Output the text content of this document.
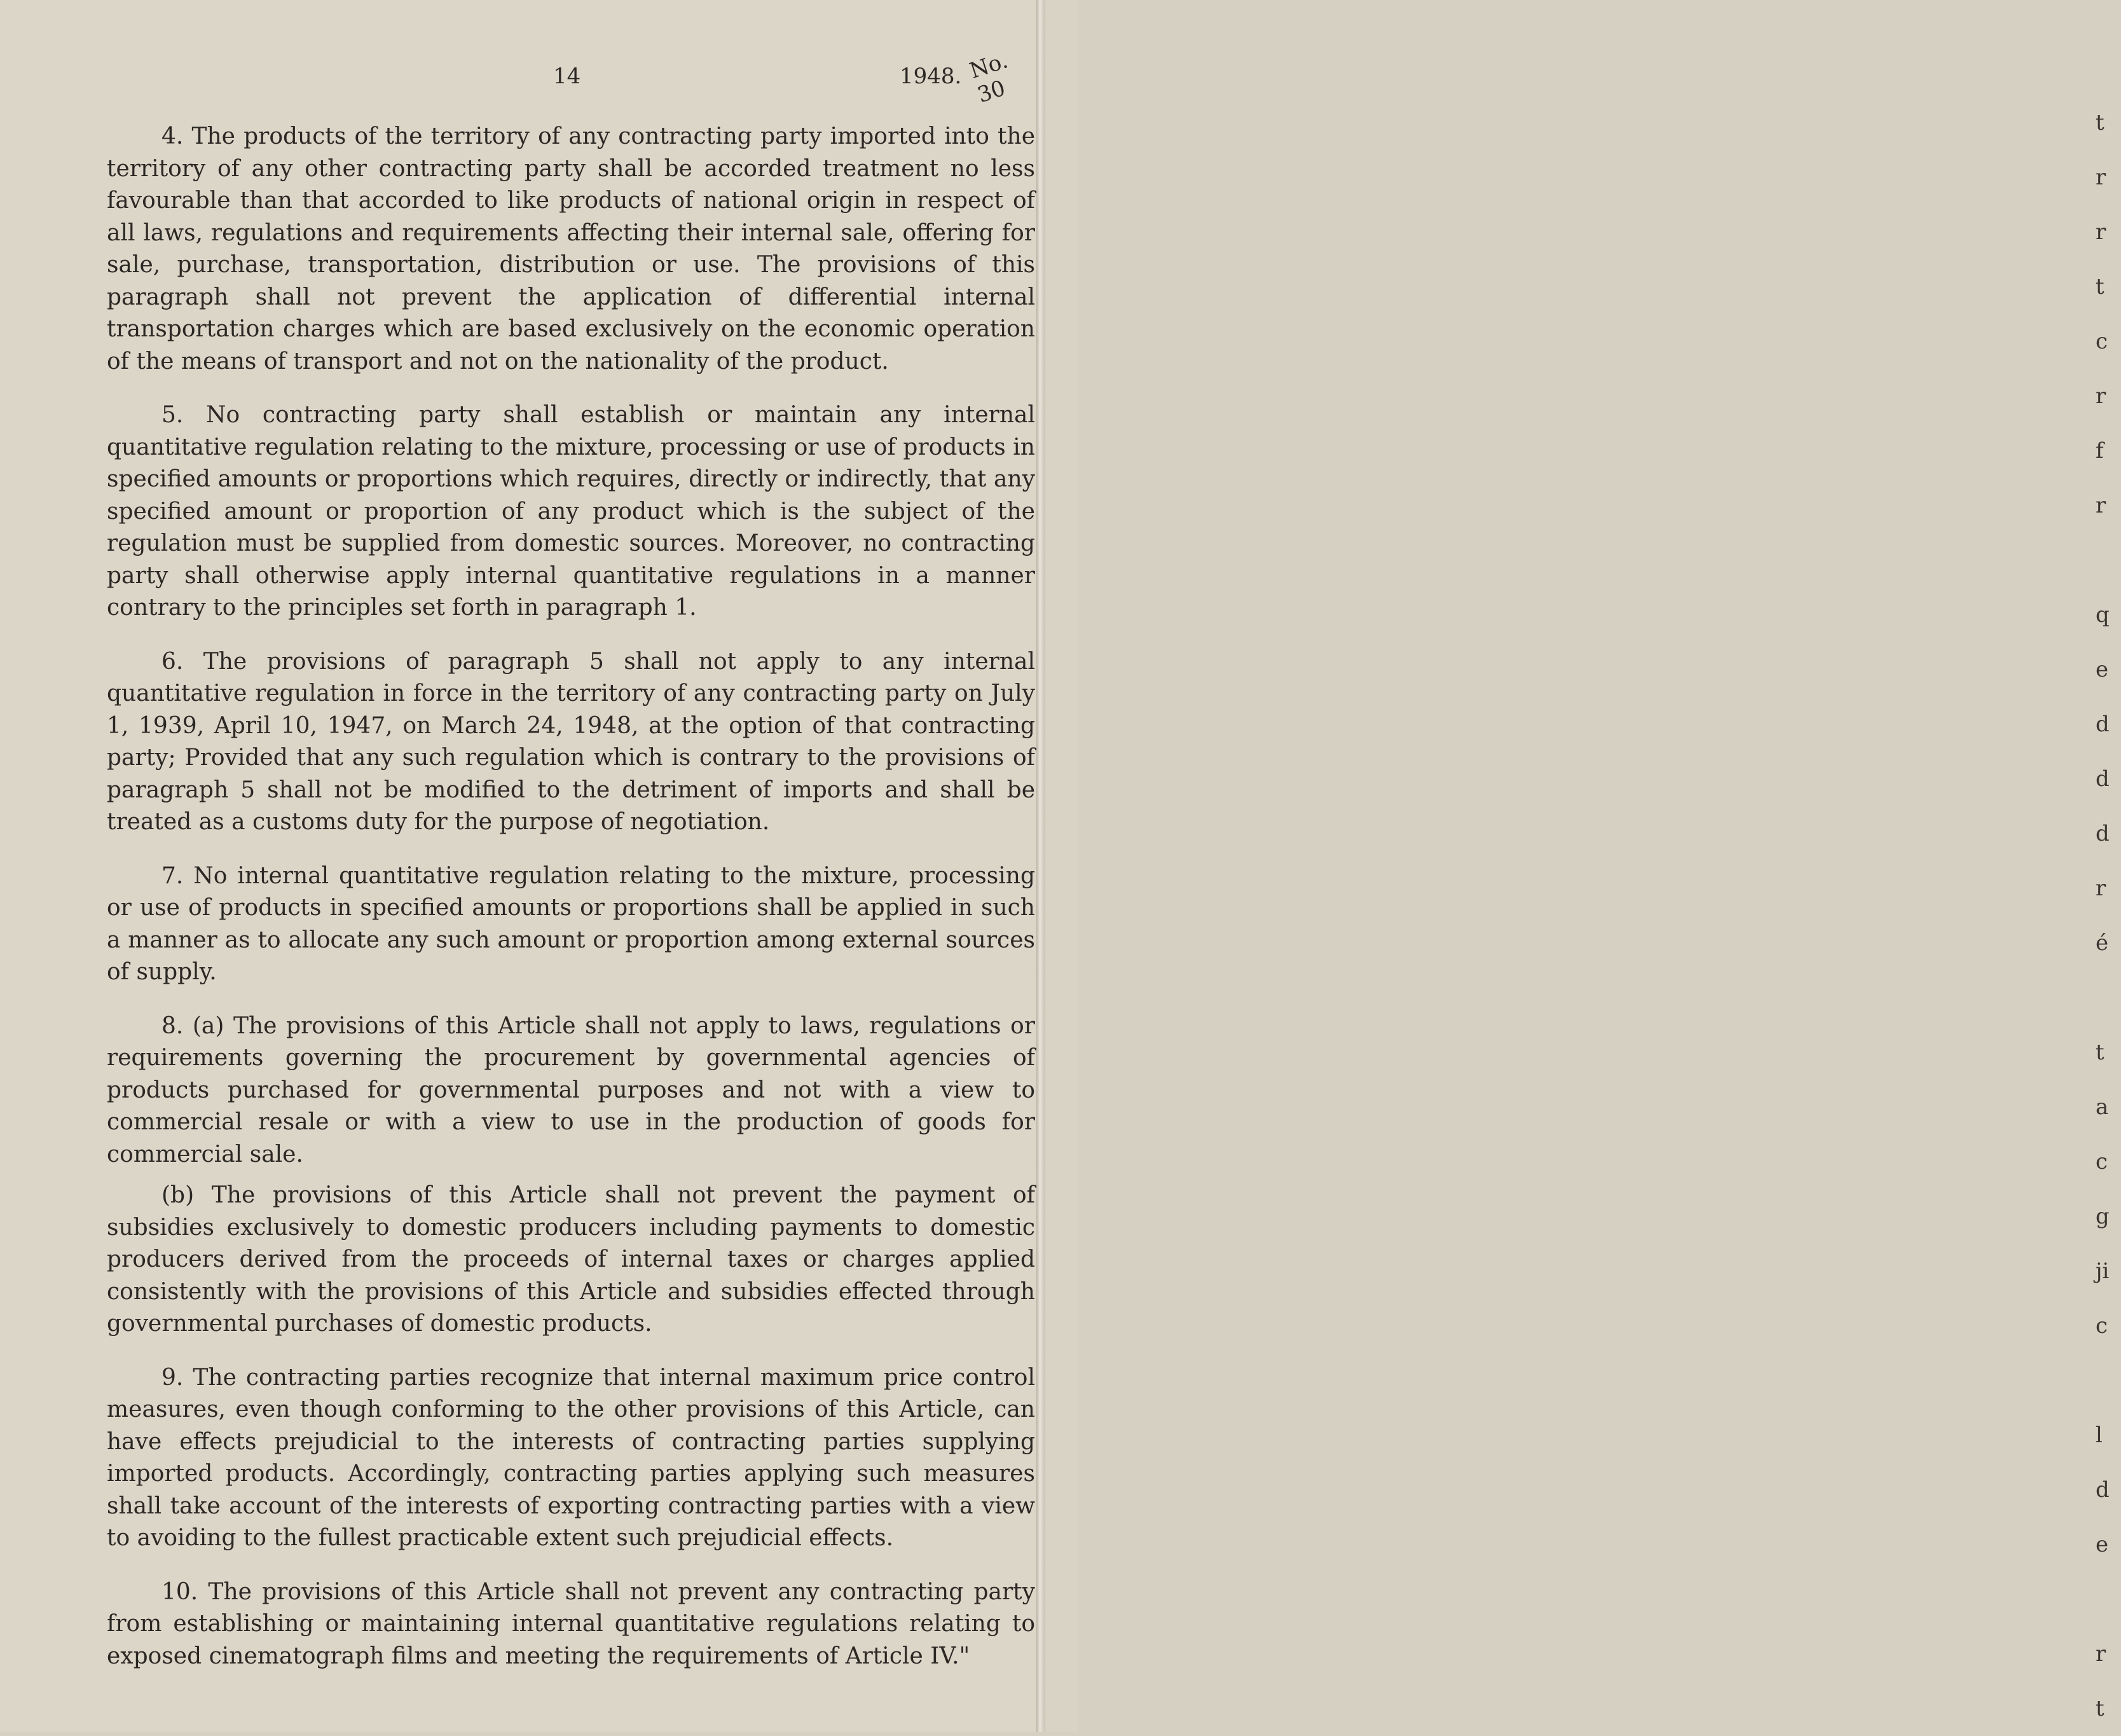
14	1948. No. 30

4. The products of the territory of any contracting party imported into the territory of any other contracting party shall be accorded treatment no less favourable than that accorded to like products of national origin in respect of all laws, regulations and requirements affecting their internal sale, offering for sale, purchase, transportation, distribution or use. The provisions of this paragraph shall not prevent the application of differential internal transportation charges which are based exclusively on the economic operation of the means of transport and not on the nationality of the product.

5. No contracting party shall establish or maintain any internal quantitative regulation relating to the mixture, processing or use of products in specified amounts or proportions which requires, directly or indirectly, that any specified amount or proportion of any product which is the subject of the regulation must be supplied from domestic sources. Moreover, no contracting party shall otherwise apply internal quantitative regulations in a manner contrary to the principles set forth in paragraph 1.

6. The provisions of paragraph 5 shall not apply to any internal quantitative regulation in force in the territory of any contracting party on July 1, 1939, April 10, 1947, on March 24, 1948, at the option of that contracting party; Provided that any such regulation which is contrary to the provisions of paragraph 5 shall not be modified to the detriment of imports and shall be treated as a customs duty for the purpose of negotiation.

7. No internal quantitative regulation relating to the mixture, processing or use of products in specified amounts or proportions shall be applied in such a manner as to allocate any such amount or proportion among external sources of supply.

8. (a) The provisions of this Article shall not apply to laws, regulations or requirements governing the procurement by governmental agencies of products purchased for governmental purposes and not with a view to commercial resale or with a view to use in the production of goods for commercial sale.

(b) The provisions of this Article shall not prevent the payment of subsidies exclusively to domestic producers including payments to domestic producers derived from the proceeds of internal taxes or charges applied consistently with the provisions of this Article and subsidies effected through governmental purchases of domestic products.

9. The contracting parties recognize that internal maximum price control measures, even though conforming to the other provisions of this Article, can have effects prejudicial to the interests of contracting parties supplying imported products. Accordingly, contracting parties applying such measures shall take account of the interests of exporting contracting parties with a view to avoiding to the fullest practicable extent such prejudicial effects.

10. The provisions of this Article shall not prevent any contracting party from establishing or maintaining internal quantitative regulations relating to exposed cinematograph films and meeting the requirements of Article IV."

t
r
r
t
c
r
f
r
q
e
d
d
d
r
é
t
a
c
g
ji
c
l
d
e
r
t
